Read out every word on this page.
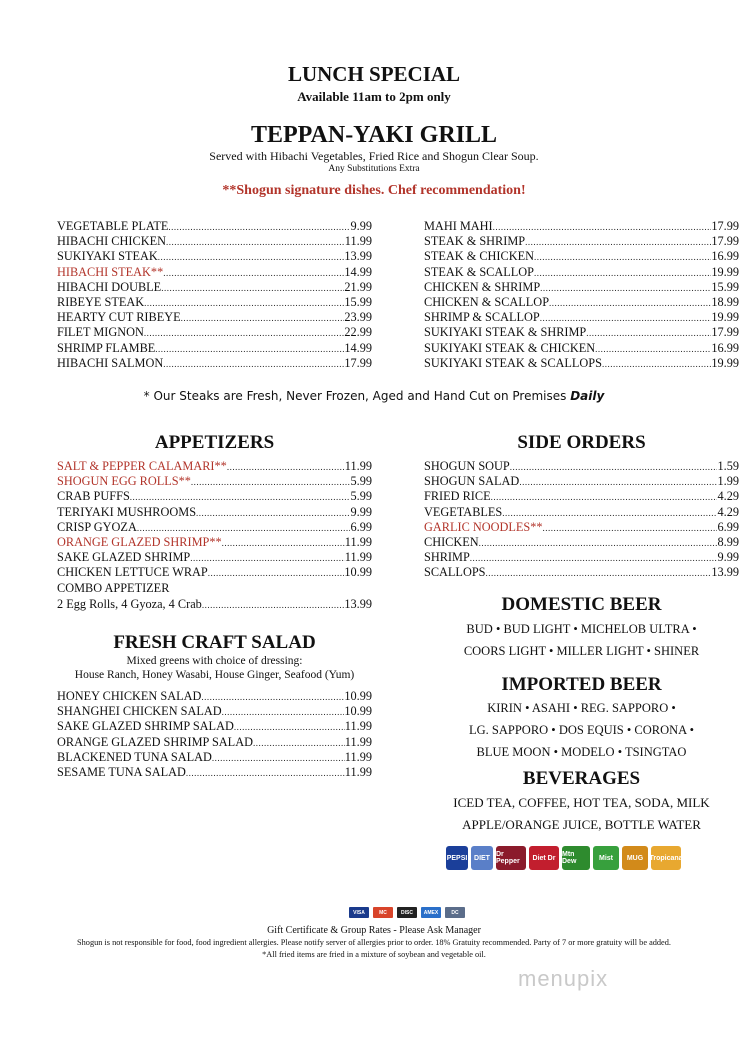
LUNCH SPECIAL
Available 11am to 2pm only
TEPPAN-YAKI GRILL
Served with Hibachi Vegetables, Fried Rice and Shogun Clear Soup.
Any Substitutions Extra
**Shogun signature dishes. Chef recommendation!
VEGETABLE PLATE .....	9.99
HIBACHI CHICKEN .....	11.99
SUKIYAKI STEAK .....	13.99
HIBACHI STEAK** .....	14.99
HIBACHI DOUBLE .....	21.99
RIBEYE STEAK .....	15.99
HEARTY CUT RIBEYE .....	23.99
FILET MIGNON .....	22.99
SHRIMP FLAMBE .....	14.99
HIBACHI SALMON .....	17.99
MAHI MAHI .....	17.99
STEAK & SHRIMP .....	17.99
STEAK & CHICKEN .....	16.99
STEAK & SCALLOP .....	19.99
CHICKEN & SHRIMP .....	15.99
CHICKEN & SCALLOP .....	18.99
SHRIMP & SCALLOP .....	19.99
SUKIYAKI STEAK & SHRIMP .....	17.99
SUKIYAKI STEAK & CHICKEN .....	16.99
SUKIYAKI STEAK & SCALLOPS .....	19.99
* Our Steaks are Fresh, Never Frozen, Aged and Hand Cut on Premises Daily
APPETIZERS
SALT & PEPPER CALAMARI** .....	11.99
SHOGUN EGG ROLLS** .....	5.99
CRAB PUFFS .....	5.99
TERIYAKI MUSHROOMS .....	9.99
CRISP GYOZA .....	6.99
ORANGE GLAZED SHRIMP** .....	11.99
SAKE GLAZED SHRIMP .....	11.99
CHICKEN LETTUCE WRAP .....	10.99
COMBO APPETIZER
2 Egg Rolls, 4 Gyoza, 4 Crab .....	13.99
FRESH CRAFT SALAD
Mixed greens with choice of dressing:
House Ranch, Honey Wasabi, House Ginger, Seafood (Yum)
HONEY CHICKEN SALAD .....	10.99
SHANGHEI CHICKEN SALAD .....	10.99
SAKE GLAZED SHRIMP SALAD .....	11.99
ORANGE GLAZED SHRIMP SALAD .....	11.99
BLACKENED TUNA SALAD .....	11.99
SESAME TUNA SALAD .....	11.99
SIDE ORDERS
SHOGUN SOUP .....	1.59
SHOGUN SALAD .....	1.99
FRIED RICE .....	4.29
VEGETABLES .....	4.29
GARLIC NOODLES** .....	6.99
CHICKEN .....	8.99
SHRIMP .....	9.99
SCALLOPS .....	13.99
DOMESTIC BEER
BUD • BUD LIGHT • MICHELOB ULTRA •
COORS LIGHT • MILLER LIGHT • SHINER
IMPORTED BEER
KIRIN • ASAHI • REG. SAPPORO •
LG. SAPPORO • DOS EQUIS • CORONA •
BLUE MOON • MODELO • TSINGTAO
BEVERAGES
ICED TEA, COFFEE, HOT TEA, SODA, MILK
APPLE/ORANGE JUICE, BOTTLE WATER
PEPSI DIET Dr Pepper	Diet Dr Mtn Dew	Mist	MUG Tropicana
VISA	MC	DISC	AMEX	DC
Gift Certificate & Group Rates - Please Ask Manager
Shogun is not responsible for food, food ingredient allergies. Please notify server of allergies prior to order. 18% Gratuity recommended. Party of 7 or more gratuity will be added.
*All fried items are fried in a mixture of soybean and vegetable oil.
menupix
